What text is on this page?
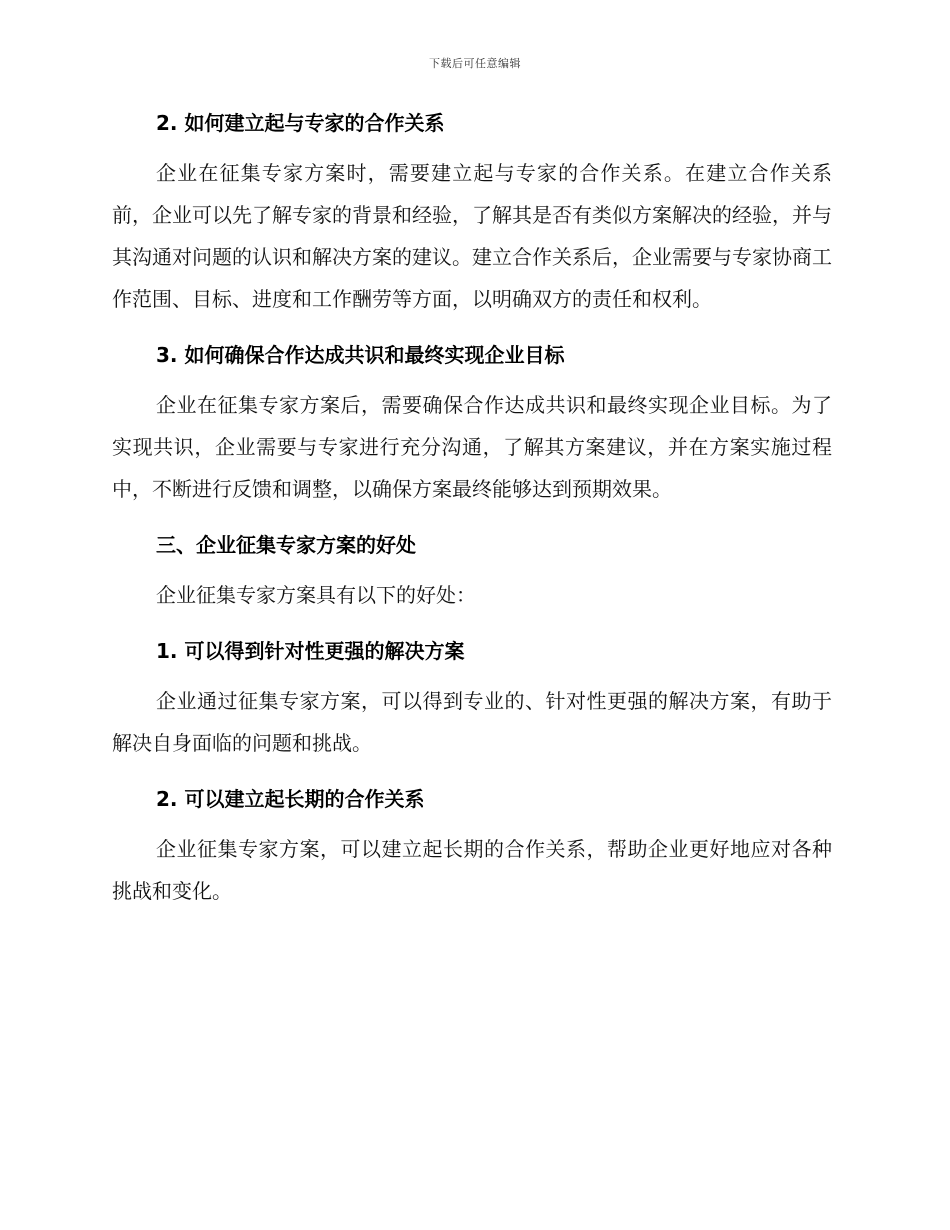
下载后可任意编辑

2. 如何建立起与专家的合作关系

企业在征集专家方案时，需要建立起与专家的合作关系。在建立合作关系前，企业可以先了解专家的背景和经验，了解其是否有类似方案解决的经验，并与其沟通对问题的认识和解决方案的建议。建立合作关系后，企业需要与专家协商工作范围、目标、进度和工作酬劳等方面，以明确双方的责任和权利。

3. 如何确保合作达成共识和最终实现企业目标

企业在征集专家方案后，需要确保合作达成共识和最终实现企业目标。为了实现共识，企业需要与专家进行充分沟通，了解其方案建议，并在方案实施过程中，不断进行反馈和调整，以确保方案最终能够达到预期效果。

三、企业征集专家方案的好处

企业征集专家方案具有以下的好处：

1. 可以得到针对性更强的解决方案

企业通过征集专家方案，可以得到专业的、针对性更强的解决方案，有助于解决自身面临的问题和挑战。

2. 可以建立起长期的合作关系

企业征集专家方案，可以建立起长期的合作关系，帮助企业更好地应对各种挑战和变化。
